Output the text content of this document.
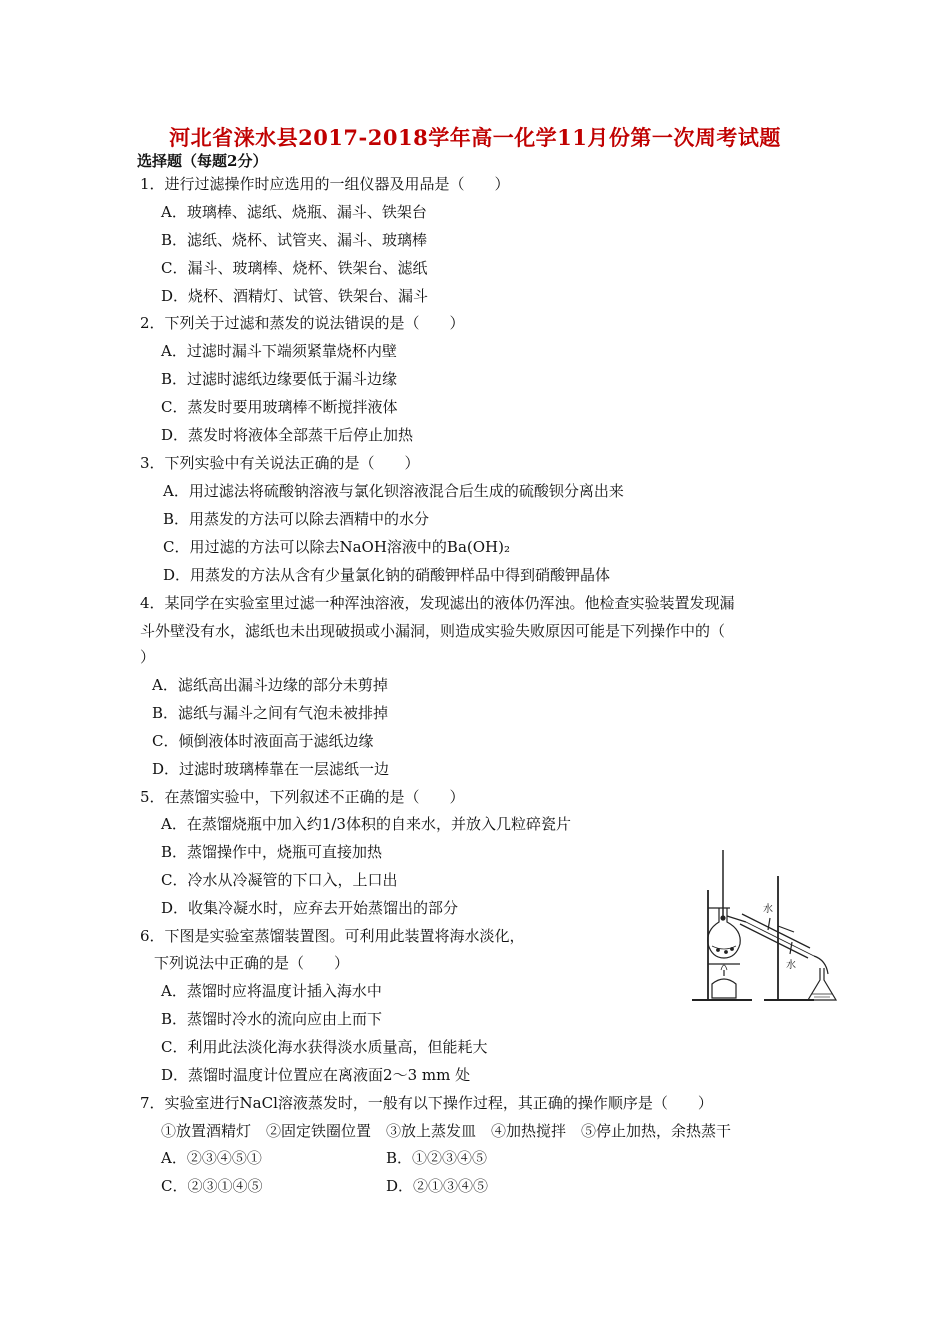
河北省涞水县2017-2018学年高一化学11月份第一次周考试题
选择题（每题2分）
1．进行过滤操作时应选用的一组仪器及用品是（　　）
A．玻璃棒、滤纸、烧瓶、漏斗、铁架台
B．滤纸、烧杯、试管夹、漏斗、玻璃棒
C．漏斗、玻璃棒、烧杯、铁架台、滤纸
D．烧杯、酒精灯、试管、铁架台、漏斗
2．下列关于过滤和蒸发的说法错误的是（　　）
A．过滤时漏斗下端须紧靠烧杯内壁
B．过滤时滤纸边缘要低于漏斗边缘
C．蒸发时要用玻璃棒不断搅拌液体
D．蒸发时将液体全部蒸干后停止加热
3．下列实验中有关说法正确的是（　　）
A．用过滤法将硫酸钠溶液与氯化钡溶液混合后生成的硫酸钡分离出来
B．用蒸发的方法可以除去酒精中的水分
C．用过滤的方法可以除去NaOH溶液中的Ba(OH)₂
D．用蒸发的方法从含有少量氯化钠的硝酸钾样品中得到硝酸钾晶体
4．某同学在实验室里过滤一种浑浊溶液，发现滤出的液体仍浑浊。他检查实验装置发现漏
斗外壁没有水，滤纸也未出现破损或小漏洞，则造成实验失败原因可能是下列操作中的（
）
A．滤纸高出漏斗边缘的部分未剪掉
B．滤纸与漏斗之间有气泡未被排掉
C．倾倒液体时液面高于滤纸边缘
D．过滤时玻璃棒靠在一层滤纸一边
5．在蒸馏实验中，下列叙述不正确的是（　　）
A．在蒸馏烧瓶中加入约1/3体积的自来水，并放入几粒碎瓷片
B．蒸馏操作中，烧瓶可直接加热
C．冷水从冷凝管的下口入，上口出
D．收集冷凝水时，应弃去开始蒸馏出的部分
6．下图是实验室蒸馏装置图。可利用此装置将海水淡化，
下列说法中正确的是（　　）
A．蒸馏时应将温度计插入海水中
B．蒸馏时冷水的流向应由上而下
C．利用此法淡化海水获得淡水质量高，但能耗大
D．蒸馏时温度计位置应在离液面2～3 mm 处
7．实验室进行NaCl溶液蒸发时，一般有以下操作过程，其正确的操作顺序是（　　）
①放置酒精灯　②固定铁圈位置　③放上蒸发皿　④加热搅拌　⑤停止加热，余热蒸干
A．②③④⑤①	B．①②③④⑤
C．②③①④⑤	D．②①③④⑤
水
水
